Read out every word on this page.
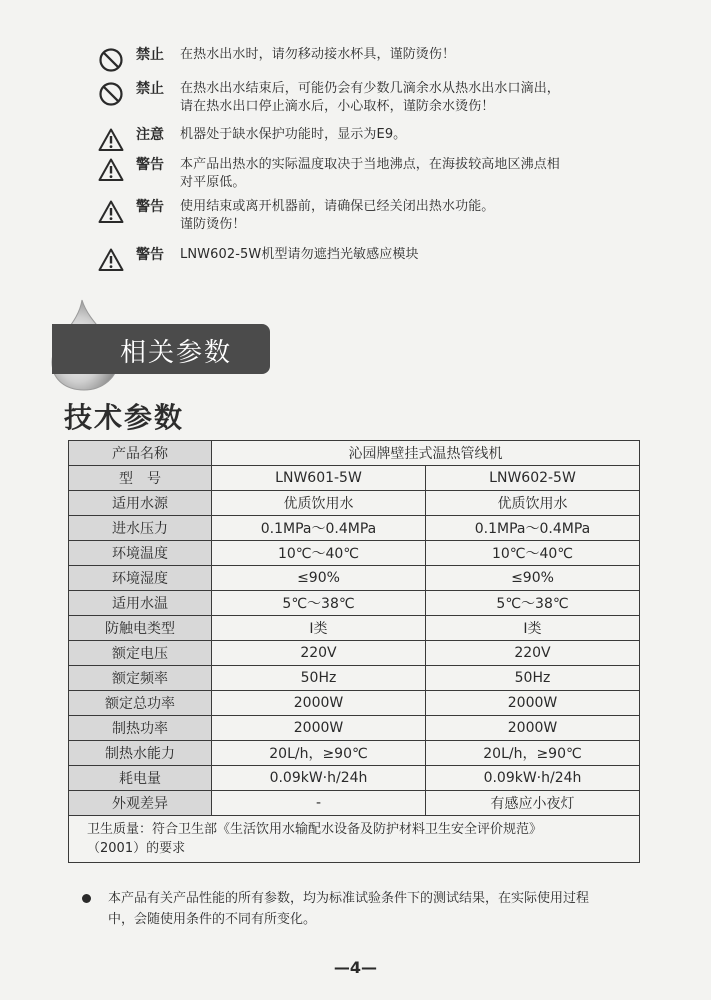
禁止	在热水出水时，请勿移动接水杯具，谨防烫伤！
禁止	在热水出水结束后，可能仍会有少数几滴余水从热水出水口滴出，
请在热水出口停止滴水后，小心取杯，谨防余水烫伤！
注意	机器处于缺水保护功能时，显示为E9。
警告	本产品出热水的实际温度取决于当地沸点，在海拔较高地区沸点相
对平原低。
警告	使用结束或离开机器前，请确保已经关闭出热水功能。
谨防烫伤！
警告	LNW602-5W机型请勿遮挡光敏感应模块
相关参数
技术参数
产品名称	沁园牌壁挂式温热管线机	
型　号	LNW601-5W	LNW602-5W
适用水源	优质饮用水	优质饮用水
进水压力	0.1MPa～0.4MPa	0.1MPa～0.4MPa
环境温度	10℃～40℃	10℃～40℃
环境湿度	≤90%	≤90%
适用水温	5℃～38℃	5℃～38℃
防触电类型	Ⅰ类	Ⅰ类
额定电压	220V	220V
额定频率	50Hz	50Hz
额定总功率	2000W	2000W
制热功率	2000W	2000W
制热水能力	20L/h，≥90℃	20L/h，≥90℃
耗电量	0.09kW·h/24h	0.09kW·h/24h
外观差异	-	有感应小夜灯

卫生质量：符合卫生部《生活饮用水输配水设备及防护材料卫生安全评价规范》
（2001）的要求		
本产品有关产品性能的所有参数，均为标准试验条件下的测试结果，在实际使用过程
中，会随使用条件的不同有所变化。
—4—
